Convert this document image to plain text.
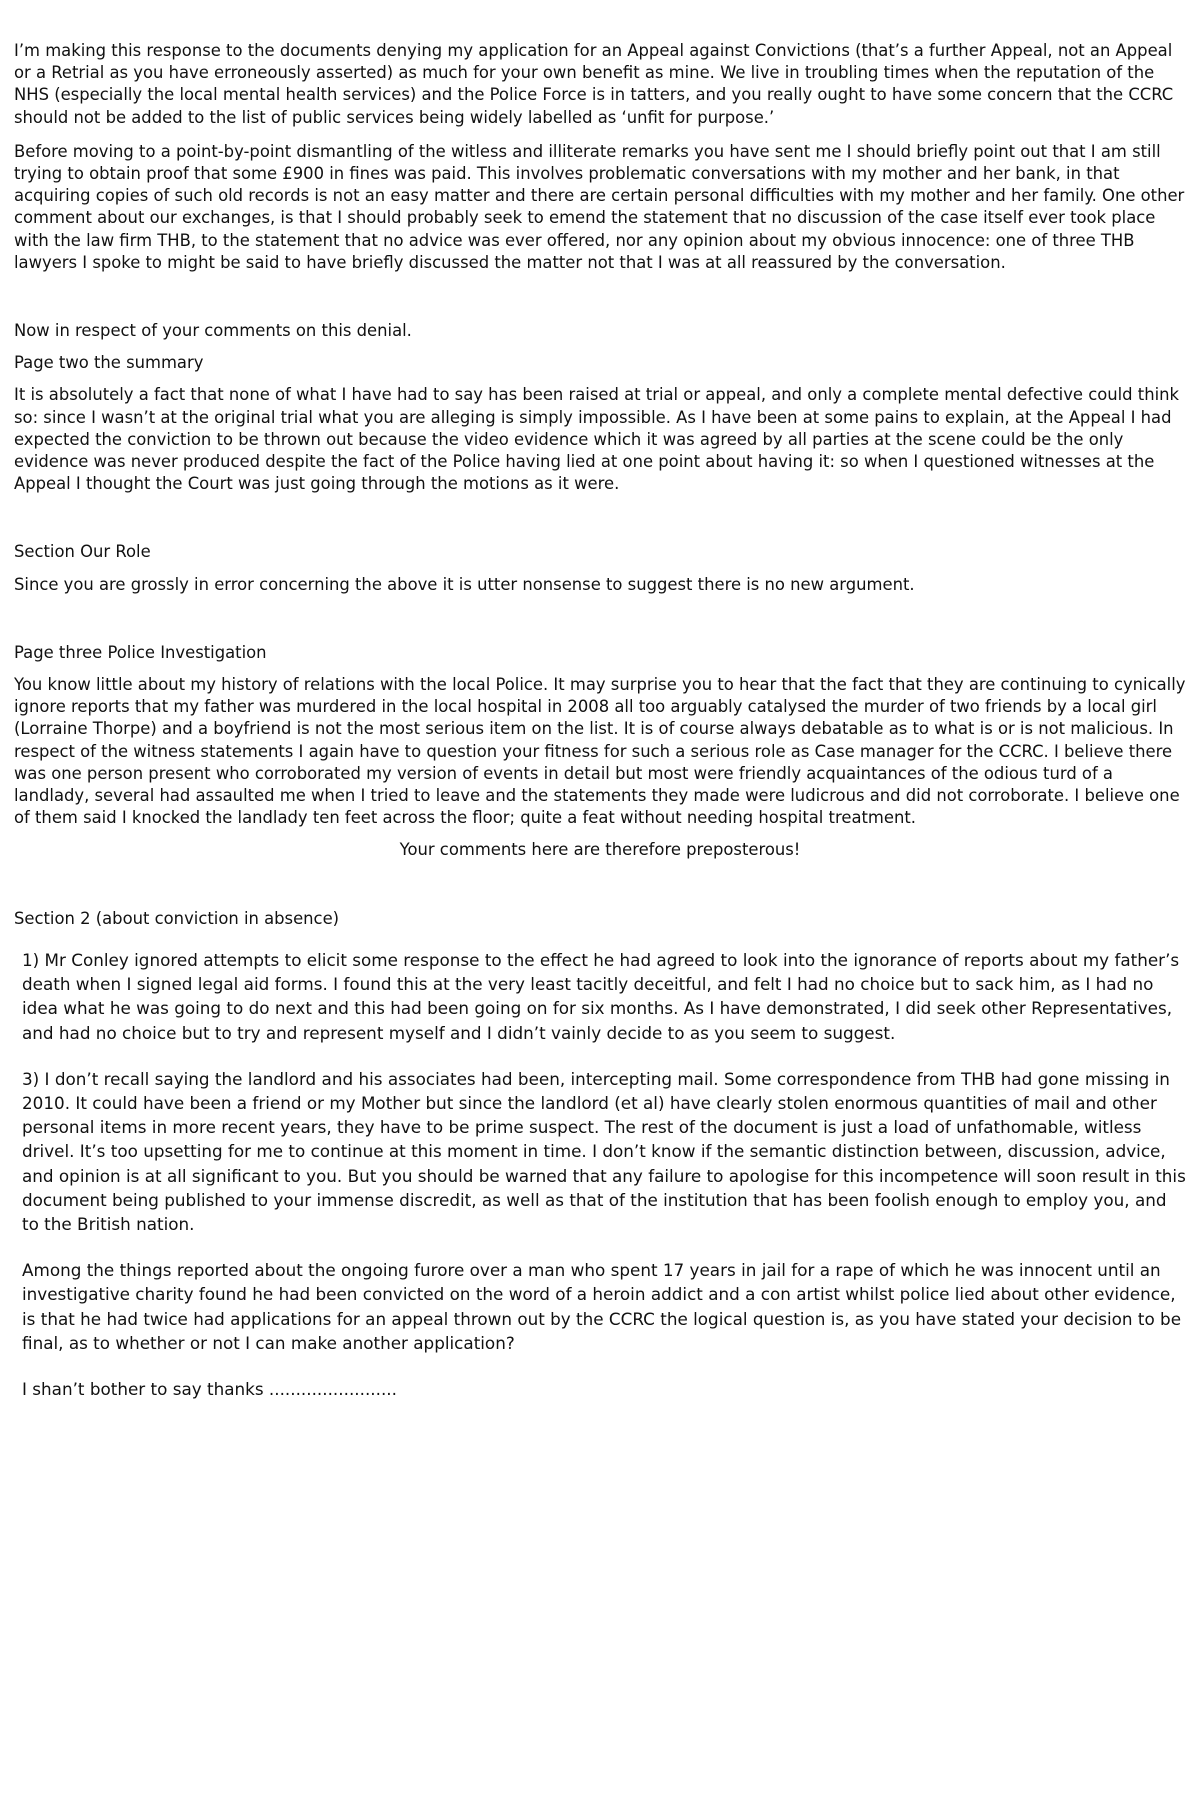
I’m making this response to the documents denying my application for an Appeal against Convictions (that’s a further Appeal, not an Appeal or a Retrial as you have erroneously asserted) as much for your own benefit as mine. We live in troubling times when the reputation of the NHS (especially the local mental health services) and the Police Force is in tatters, and you really ought to have some concern that the CCRC should not be added to the list of public services being widely labelled as ‘unfit for purpose.’

Before moving to a point-by-point dismantling of the witless and illiterate remarks you have sent me I should briefly point out that I am still trying to obtain proof that some £900 in fines was paid. This involves problematic conversations with my mother and her bank, in that acquiring copies of such old records is not an easy matter and there are certain personal difficulties with my mother and her family. One other comment about our exchanges, is that I should probably seek to emend the statement that no discussion of the case itself ever took place with the law firm THB, to the statement that no advice was ever offered, nor any opinion about my obvious innocence: one of three THB lawyers I spoke to might be said to have briefly discussed the matter not that I was at all reassured by the conversation.

Now in respect of your comments on this denial.

Page two the summary

It is absolutely a fact that none of what I have had to say has been raised at trial or appeal, and only a complete mental defective could think so: since I wasn’t at the original trial what you are alleging is simply impossible. As I have been at some pains to explain, at the Appeal I had expected the conviction to be thrown out because the video evidence which it was agreed by all parties at the scene could be the only evidence was never produced despite the fact of the Police having lied at one point about having it: so when I questioned witnesses at the Appeal I thought the Court was just going through the motions as it were.

Section Our Role

Since you are grossly in error concerning the above it is utter nonsense to suggest there is no new argument.

Page three Police Investigation

You know little about my history of relations with the local Police. It may surprise you to hear that the fact that they are continuing to cynically ignore reports that my father was murdered in the local hospital in 2008 all too arguably catalysed the murder of two friends by a local girl (Lorraine Thorpe) and a boyfriend is not the most serious item on the list. It is of course always debatable as to what is or is not malicious. In respect of the witness statements I again have to question your fitness for such a serious role as Case manager for the CCRC. I believe there was one person present who corroborated my version of events in detail but most were friendly acquaintances of the odious turd of a landlady, several had assaulted me when I tried to leave and the statements they made were ludicrous and did not corroborate. I believe one of them said I knocked the landlady ten feet across the floor; quite a feat without needing hospital treatment.

Your comments here are therefore preposterous!

Section 2 (about conviction in absence)

1) Mr Conley ignored attempts to elicit some response to the effect he had agreed to look into the ignorance of reports about my father’s death when I signed legal aid forms. I found this at the very least tacitly deceitful, and felt I had no choice but to sack him, as I had no idea what he was going to do next and this had been going on for six months. As I have demonstrated, I did seek other Representatives, and had no choice but to try and represent myself and I didn’t vainly decide to as you seem to suggest.

3) I don’t recall saying the landlord and his associates had been, intercepting mail. Some correspondence from THB had gone missing in 2010. It could have been a friend or my Mother but since the landlord (et al) have clearly stolen enormous quantities of mail and other personal items in more recent years, they have to be prime suspect. The rest of the document is just a load of unfathomable, witless drivel. It’s too upsetting for me to continue at this moment in time. I don’t know if the semantic distinction between, discussion, advice, and opinion is at all significant to you. But you should be warned that any failure to apologise for this incompetence will soon result in this document being published to your immense discredit, as well as that of the institution that has been foolish enough to employ you, and to the British nation.

Among the things reported about the ongoing furore over a man who spent 17 years in jail for a rape of which he was innocent until an investigative charity found he had been convicted on the word of a heroin addict and a con artist whilst police lied about other evidence, is that he had twice had applications for an appeal thrown out by the CCRC the logical question is, as you have stated your decision to be final, as to whether or not I can make another application?

I shan’t bother to say thanks ........................
